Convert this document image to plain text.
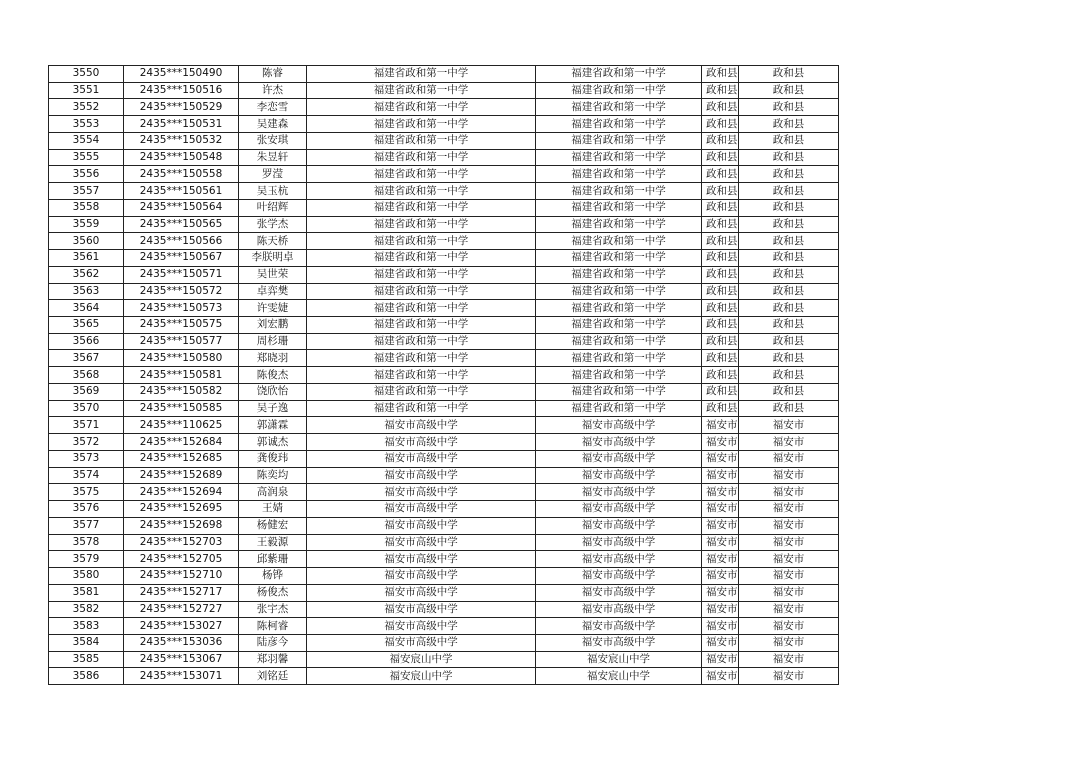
3550	2435***150490	陈睿	福建省政和第一中学	福建省政和第一中学	政和县	政和县
3551	2435***150516	许杰	福建省政和第一中学	福建省政和第一中学	政和县	政和县
3552	2435***150529	李恋雪	福建省政和第一中学	福建省政和第一中学	政和县	政和县
3553	2435***150531	吴建森	福建省政和第一中学	福建省政和第一中学	政和县	政和县
3554	2435***150532	张安琪	福建省政和第一中学	福建省政和第一中学	政和县	政和县
3555	2435***150548	朱昱轩	福建省政和第一中学	福建省政和第一中学	政和县	政和县
3556	2435***150558	罗滢	福建省政和第一中学	福建省政和第一中学	政和县	政和县
3557	2435***150561	吴玉杭	福建省政和第一中学	福建省政和第一中学	政和县	政和县
3558	2435***150564	叶绍辉	福建省政和第一中学	福建省政和第一中学	政和县	政和县
3559	2435***150565	张学杰	福建省政和第一中学	福建省政和第一中学	政和县	政和县
3560	2435***150566	陈天桥	福建省政和第一中学	福建省政和第一中学	政和县	政和县
3561	2435***150567	李朕明卓	福建省政和第一中学	福建省政和第一中学	政和县	政和县
3562	2435***150571	吴世荣	福建省政和第一中学	福建省政和第一中学	政和县	政和县
3563	2435***150572	卓弈樊	福建省政和第一中学	福建省政和第一中学	政和县	政和县
3564	2435***150573	许雯婕	福建省政和第一中学	福建省政和第一中学	政和县	政和县
3565	2435***150575	刘宏鹏	福建省政和第一中学	福建省政和第一中学	政和县	政和县
3566	2435***150577	周杉珊	福建省政和第一中学	福建省政和第一中学	政和县	政和县
3567	2435***150580	郑晓羽	福建省政和第一中学	福建省政和第一中学	政和县	政和县
3568	2435***150581	陈俊杰	福建省政和第一中学	福建省政和第一中学	政和县	政和县
3569	2435***150582	饶欣怡	福建省政和第一中学	福建省政和第一中学	政和县	政和县
3570	2435***150585	吴子逸	福建省政和第一中学	福建省政和第一中学	政和县	政和县
3571	2435***110625	郭潇霖	福安市高级中学	福安市高级中学	福安市	福安市
3572	2435***152684	郭诚杰	福安市高级中学	福安市高级中学	福安市	福安市
3573	2435***152685	龚俊玮	福安市高级中学	福安市高级中学	福安市	福安市
3574	2435***152689	陈奕均	福安市高级中学	福安市高级中学	福安市	福安市
3575	2435***152694	高润泉	福安市高级中学	福安市高级中学	福安市	福安市
3576	2435***152695	王婧	福安市高级中学	福安市高级中学	福安市	福安市
3577	2435***152698	杨健宏	福安市高级中学	福安市高级中学	福安市	福安市
3578	2435***152703	王毅源	福安市高级中学	福安市高级中学	福安市	福安市
3579	2435***152705	邱紫珊	福安市高级中学	福安市高级中学	福安市	福安市
3580	2435***152710	杨铧	福安市高级中学	福安市高级中学	福安市	福安市
3581	2435***152717	杨俊杰	福安市高级中学	福安市高级中学	福安市	福安市
3582	2435***152727	张宇杰	福安市高级中学	福安市高级中学	福安市	福安市
3583	2435***153027	陈柯睿	福安市高级中学	福安市高级中学	福安市	福安市
3584	2435***153036	陆彦今	福安市高级中学	福安市高级中学	福安市	福安市
3585	2435***153067	郑羽馨	福安宸山中学	福安宸山中学	福安市	福安市
3586	2435***153071	刘铭廷	福安宸山中学	福安宸山中学	福安市	福安市
